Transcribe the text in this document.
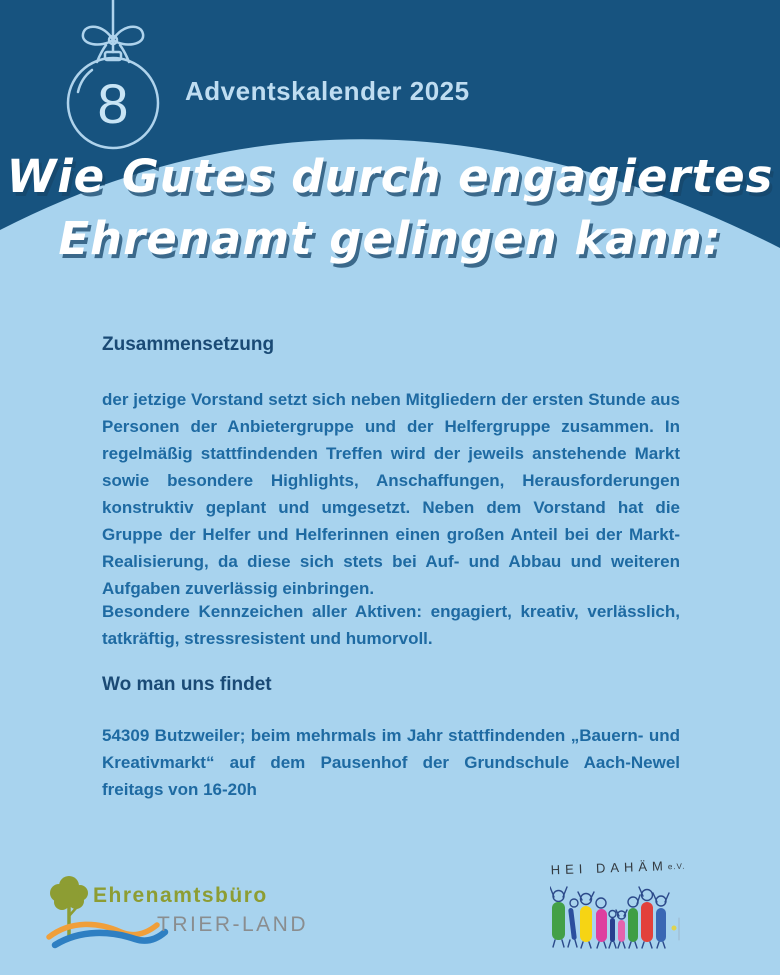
8 Adventskalender 2025
Wie Gutes durch engagiertes
Ehrenamt gelingen kann:
Zusammensetzung

der jetzige Vorstand setzt sich neben Mitgliedern der ersten Stunde aus Personen der Anbietergruppe und der Helfergruppe zusammen. In regelmäßig stattfindenden Treffen wird der jeweils anstehende Markt sowie besondere Highlights, Anschaffungen, Herausforderungen konstruktiv geplant und umgesetzt. Neben dem Vorstand hat die Gruppe der Helfer und Helferinnen einen großen Anteil bei der Markt- Realisierung, da diese sich stets bei Auf- und Abbau und weiteren Aufgaben zuverlässig einbringen.

Besondere Kennzeichen aller Aktiven: engagiert, kreativ, verlässlich, tatkräftig, stressresistent und humorvoll.

Wo man uns findet

54309 Butzweiler; beim mehrmals im Jahr stattfindenden „Bauern- und Kreativmarkt“ auf dem Pausenhof der Grundschule Aach-Newel freitags von 16-20h

Ehrenamtsbüro
TRIER-LAND
HEI DAHÄMe.V.
